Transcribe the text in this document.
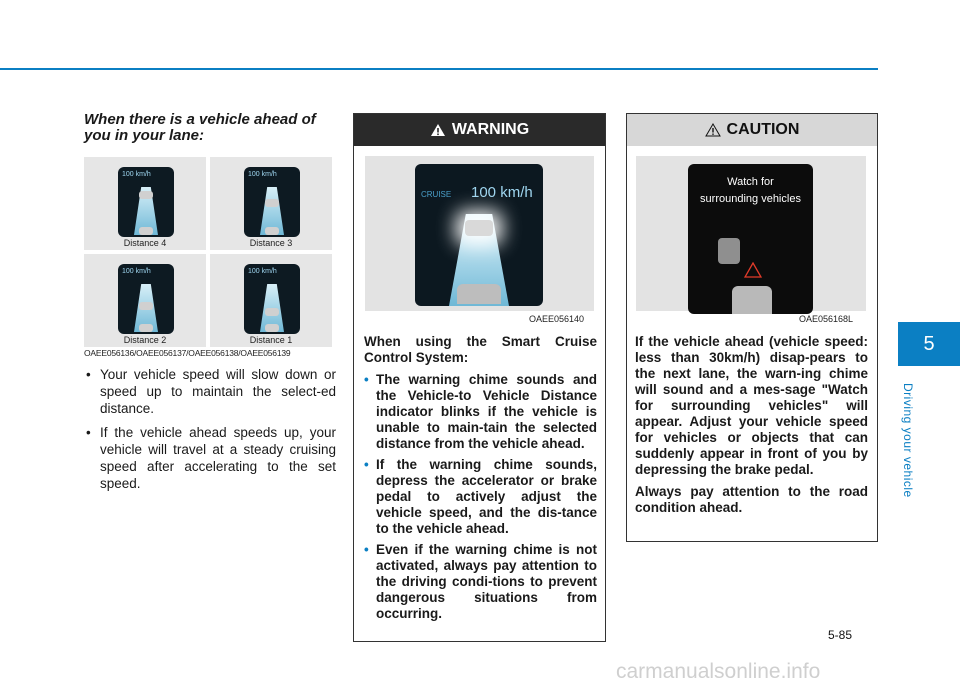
When there is a vehicle ahead of you in your lane:
100 km/h
Distance 4
100 km/h
Distance 3
100 km/h
Distance 2
100 km/h
Distance 1
OAEE056136/OAEE056137/OAEE056138/OAEE056139
• Your vehicle speed will slow down or speed up to maintain the select-ed distance.
• If the vehicle ahead speeds up, your vehicle will travel at a steady cruising speed after accelerating to the set speed.
WARNING
CRUISE 100 km/h
OAEE056140

When using the Smart Cruise Control System:

• The warning chime sounds and the Vehicle-to Vehicle Distance indicator blinks if the vehicle is unable to main-tain the selected distance from the vehicle ahead.
• If the warning chime sounds, depress the accelerator or brake pedal to actively adjust the vehicle speed, and the dis-tance to the vehicle ahead.
• Even if the warning chime is not activated, always pay attention to the driving condi-tions to prevent dangerous situations from occurring.
CAUTION
Watch for surrounding vehicles
OAE056168L

If the vehicle ahead (vehicle speed: less than 30km/h) disap-pears to the next lane, the warn-ing chime will sound and a mes-sage "Watch for surrounding vehicles" will appear. Adjust your vehicle speed for vehicles or objects that can suddenly appear in front of you by depressing the brake pedal.

Always pay attention to the road condition ahead.

5
Driving your vehicle
5-85
carmanualsonline.info
